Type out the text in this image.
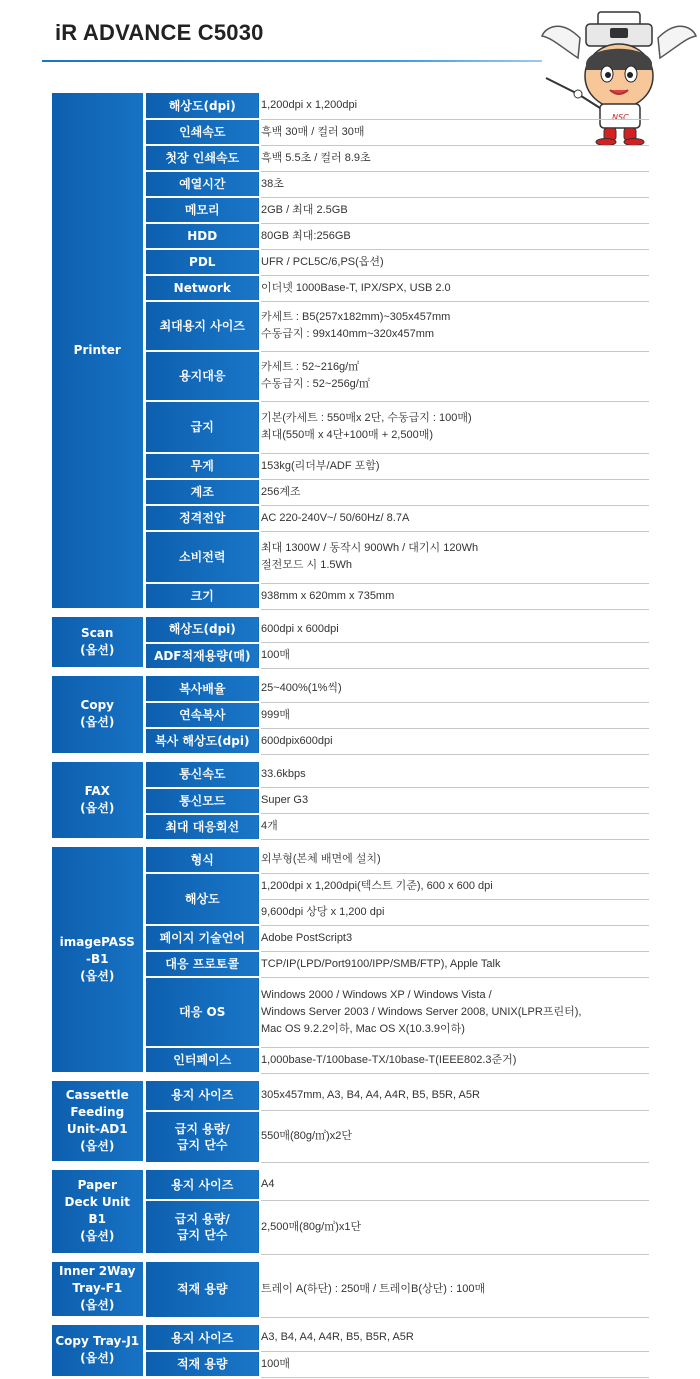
iR ADVANCE C5030
NSC
Printer	해상도(dpi)	1,200dpi x 1,200dpi
	인쇄속도	흑백 30매 / 컬러 30매
	첫장 인쇄속도	흑백 5.5초 / 컬러 8.9초
	예열시간	38초
	메모리	2GB / 최대 2.5GB
	HDD	80GB 최대:256GB
	PDL	UFR / PCL5C/6,PS(옵션)
	Network	이더넷 1000Base-T, IPX/SPX, USB 2.0
	최대용지 사이즈	카세트 : B5(257x182mm)~305x457mm
수동급지 : 99x140mm~320x457mm
	용지대응	카세트 : 52~216g/㎡
수동급지 : 52~256g/㎡
	급지	기본(카세트 : 550매x 2단, 수동급지 : 100매)
최대(550매 x 4단+100매 + 2,500매)
	무게	153kg(리더부/ADF 포함)
	계조	256계조
	정격전압	AC 220-240V~/ 50/60Hz/ 8.7A
	소비전력	최대 1300W / 동작시 900Wh / 대기시 120Wh
절전모드 시 1.5Wh
	크기	938mm x 620mm x 735mm

Scan
(옵션)	해상도(dpi)	600dpi x 600dpi
	ADF적재용량(매)	100매

Copy
(옵션)	복사배율	25~400%(1%씩)
	연속복사	999매
	복사 해상도(dpi)	600dpix600dpi

FAX
(옵션)	통신속도	33.6kbps
	통신모드	Super G3
	최대 대응회선	4개

imagePASS
-B1
(옵션)	형식	외부형(본체 배면에 설치)
	해상도	1,200dpi x 1,200dpi(텍스트 기준), 600 x 600 dpi
		9,600dpi 상당 x 1,200 dpi
	페이지 기술언어	Adobe PostScript3
	대응 프로토콜	TCP/IP(LPD/Port9100/IPP/SMB/FTP), Apple Talk
	대응 OS	Windows 2000 / Windows XP / Windows Vista /
Windows Server 2003 / Windows Server 2008, UNIX(LPR프린터),
Mac OS 9.2.2이하, Mac OS X(10.3.9이하)
	인터페이스	1,000base-T/100base-TX/10base-T(IEEE802.3준거)

Cassettle
Feeding
Unit-AD1
(옵션)	용지 사이즈	305x457mm, A3, B4, A4, A4R, B5, B5R, A5R
	급지 용량/
급지 단수	550매(80g/㎡)x2단

Paper
Deck Unit
B1
(옵션)	용지 사이즈	A4
	급지 용량/
급지 단수	2,500매(80g/㎡)x1단

Inner 2Way
Tray-F1
(옵션)	적재 용량	트레이 A(하단) : 250매 / 트레이B(상단) : 100매

Copy Tray-J1
(옵션)	용지 사이즈	A3, B4, A4, A4R, B5, B5R, A5R
	적재 용량	100매
